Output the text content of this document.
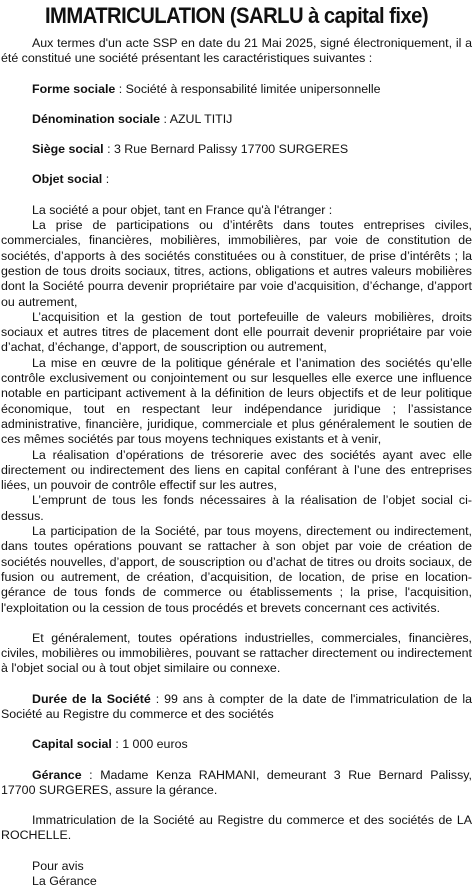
IMMATRICULATION (SARLU à capital fixe)

Aux termes d'un acte SSP en date du 21 Mai 2025, signé électroniquement, il a été constitué une société présentant les caractéristiques suivantes :

Forme sociale : Société à responsabilité limitée unipersonnelle

Dénomination sociale : AZUL TITIJ

Siège social : 3 Rue Bernard Palissy 17700 SURGERES

Objet social :

La société a pour objet, tant en France qu'à l'étranger :

La prise de participations ou d’intérêts dans toutes entreprises civiles, commerciales, financières, mobilières, immobilières, par voie de constitution de sociétés, d’apports à des sociétés constituées ou à constituer, de prise d’intérêts ; la gestion de tous droits sociaux, titres, actions, obligations et autres valeurs mobilières dont la Société pourra devenir propriétaire par voie d’acquisition, d’échange, d’apport ou autrement,

L’acquisition et la gestion de tout portefeuille de valeurs mobilières, droits sociaux et autres titres de placement dont elle pourrait devenir propriétaire par voie d’achat, d’échange, d’apport, de souscription ou autrement,

La mise en œuvre de la politique générale et l’animation des sociétés qu’elle contrôle exclusivement ou conjointement ou sur lesquelles elle exerce une influence notable en participant activement à la définition de leurs objectifs et de leur politique économique, tout en respectant leur indépendance juridique ; l’assistance administrative, financière, juridique, commerciale et plus généralement le soutien de ces mêmes sociétés par tous moyens techniques existants et à venir,

La réalisation d’opérations de trésorerie avec des sociétés ayant avec elle directement ou indirectement des liens en capital conférant à l’une des entreprises liées, un pouvoir de contrôle effectif sur les autres,

L’emprunt de tous les fonds nécessaires à la réalisation de l’objet social ci-dessus.

La participation de la Société, par tous moyens, directement ou indirectement, dans toutes opérations pouvant se rattacher à son objet par voie de création de sociétés nouvelles, d’apport, de souscription ou d’achat de titres ou droits sociaux, de fusion ou autrement, de création, d’acquisition, de location, de prise en location-gérance de tous fonds de commerce ou établissements ; la prise, l'acquisition, l'exploitation ou la cession de tous procédés et brevets concernant ces activités.

Et généralement, toutes opérations industrielles, commerciales, financières, civiles, mobilières ou immobilières, pouvant se rattacher directement ou indirectement à l'objet social ou à tout objet similaire ou connexe.

Durée de la Société : 99 ans à compter de la date de l'immatriculation de la Société au Registre du commerce et des sociétés

Capital social : 1 000 euros

Gérance : Madame Kenza RAHMANI, demeurant 3 Rue Bernard Palissy, 17700 SURGERES, assure la gérance.

Immatriculation de la Société au Registre du commerce et des sociétés de LA ROCHELLE.

Pour avis

La Gérance
